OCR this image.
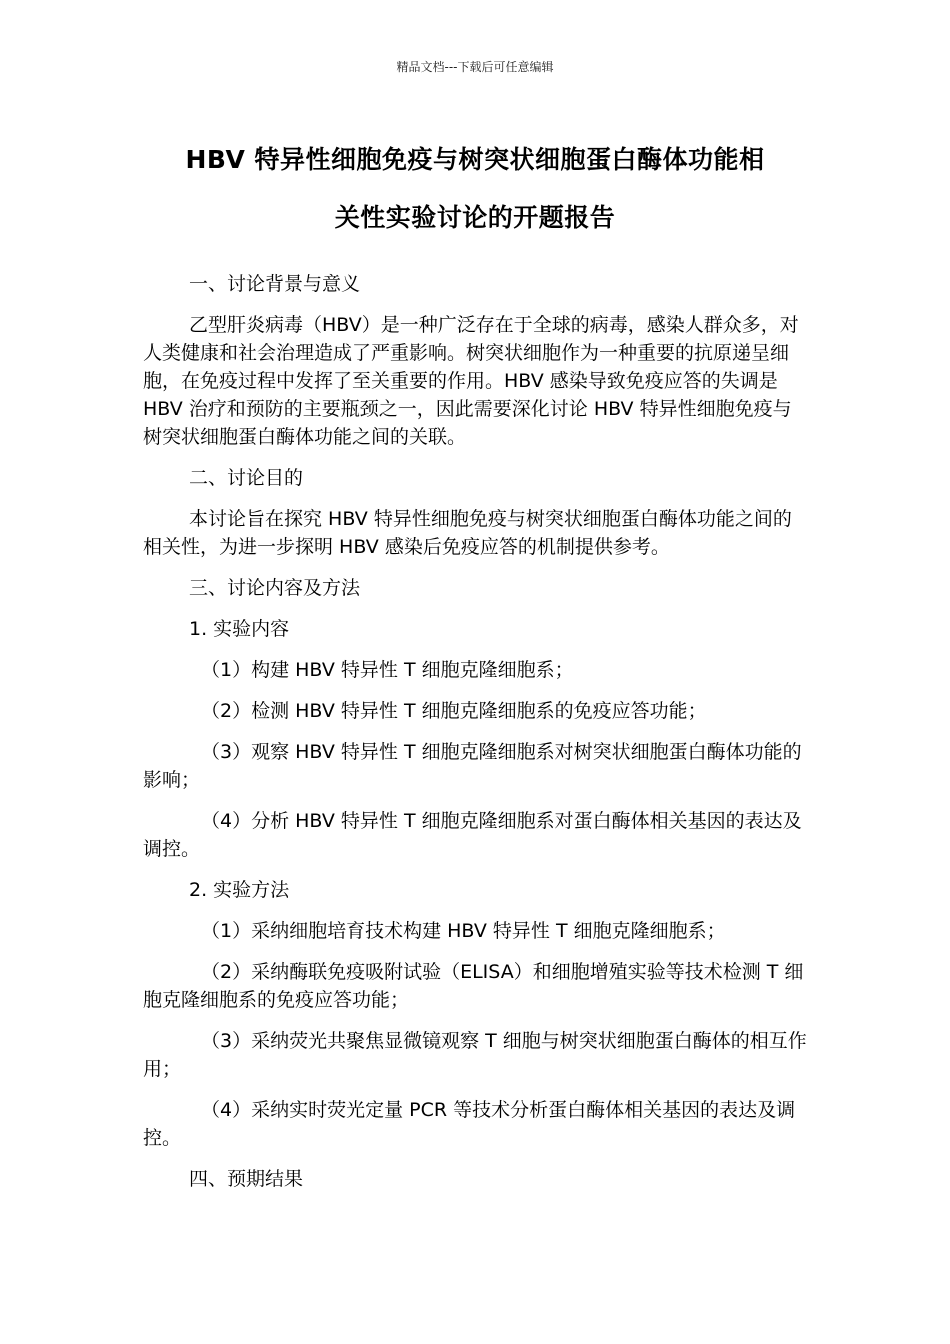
精品文档---下载后可任意编辑
HBV 特异性细胞免疫与树突状细胞蛋白酶体功能相
关性实验讨论的开题报告

一、讨论背景与意义

乙型肝炎病毒（HBV）是一种广泛存在于全球的病毒，感染人群众多，对人类健康和社会治理造成了严重影响。树突状细胞作为一种重要的抗原递呈细胞，在免疫过程中发挥了至关重要的作用。HBV 感染导致免疫应答的失调是 HBV 治疗和预防的主要瓶颈之一，因此需要深化讨论 HBV 特异性细胞免疫与树突状细胞蛋白酶体功能之间的关联。

二、讨论目的

本讨论旨在探究 HBV 特异性细胞免疫与树突状细胞蛋白酶体功能之间的相关性，为进一步探明 HBV 感染后免疫应答的机制提供参考。

三、讨论内容及方法

1. 实验内容

（1）构建 HBV 特异性 T 细胞克隆细胞系；

（2）检测 HBV 特异性 T 细胞克隆细胞系的免疫应答功能；

（3）观察 HBV 特异性 T 细胞克隆细胞系对树突状细胞蛋白酶体功能的影响；

（4）分析 HBV 特异性 T 细胞克隆细胞系对蛋白酶体相关基因的表达及调控。

2. 实验方法

（1）采纳细胞培育技术构建 HBV 特异性 T 细胞克隆细胞系；

（2）采纳酶联免疫吸附试验（ELISA）和细胞增殖实验等技术检测 T 细胞克隆细胞系的免疫应答功能；

（3）采纳荧光共聚焦显微镜观察 T 细胞与树突状细胞蛋白酶体的相互作用；

（4）采纳实时荧光定量 PCR 等技术分析蛋白酶体相关基因的表达及调控。

四、预期结果
